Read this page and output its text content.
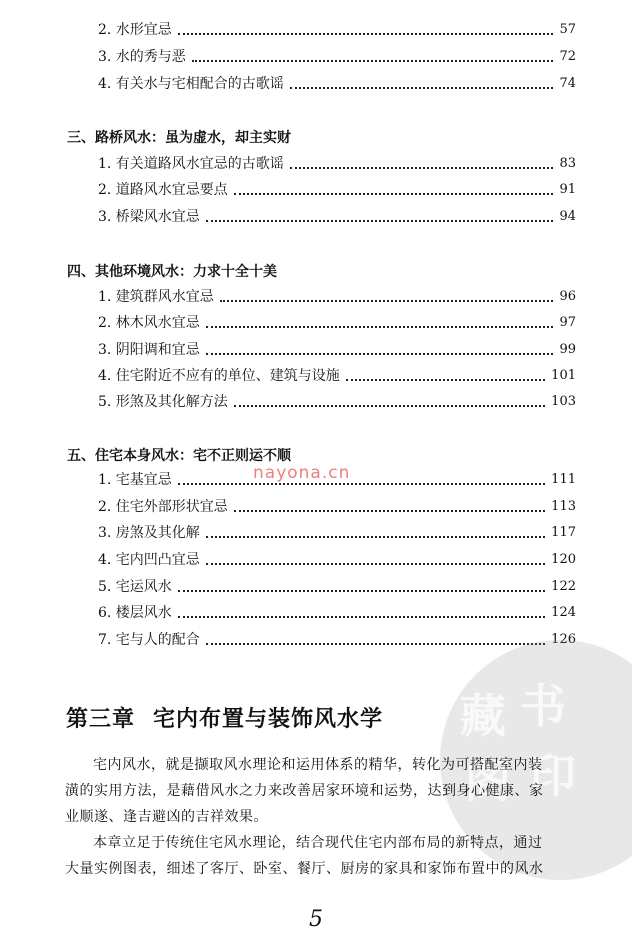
2. 水形宜忌	57
3. 水的秀与恶	72
4. 有关水与宅相配合的古歌谣	74
三、路桥风水：虽为虚水，却主实财
1. 有关道路风水宜忌的古歌谣	83
2. 道路风水宜忌要点	91
3. 桥梁风水宜忌	94
四、其他环境风水：力求十全十美
1. 建筑群风水宜忌	96
2. 林木风水宜忌	97
3. 阴阳调和宜忌	99
4. 住宅附近不应有的单位、建筑与设施	101
5. 形煞及其化解方法	103
五、住宅本身风水：宅不正则运不顺
1. 宅基宜忌	111
2. 住宅外部形状宜忌	113
3. 房煞及其化解	117
4. 宅内凹凸宜忌	120
5. 宅运风水	122
6. 楼层风水	124
7. 宅与人的配合	126
nayona.cn
藏 书
阁 印
第三章 宅内布置与装饰风水学
宅内风水，就是撷取风水理论和运用体系的精华，转化为可搭配室内装
潢的实用方法，是藉借风水之力来改善居家环境和运势，达到身心健康、家
业顺遂、逢吉避凶的吉祥效果。
本章立足于传统住宅风水理论，结合现代住宅内部布局的新特点，通过
大量实例图表，细述了客厅、卧室、餐厅、厨房的家具和家饰布置中的风水
5
